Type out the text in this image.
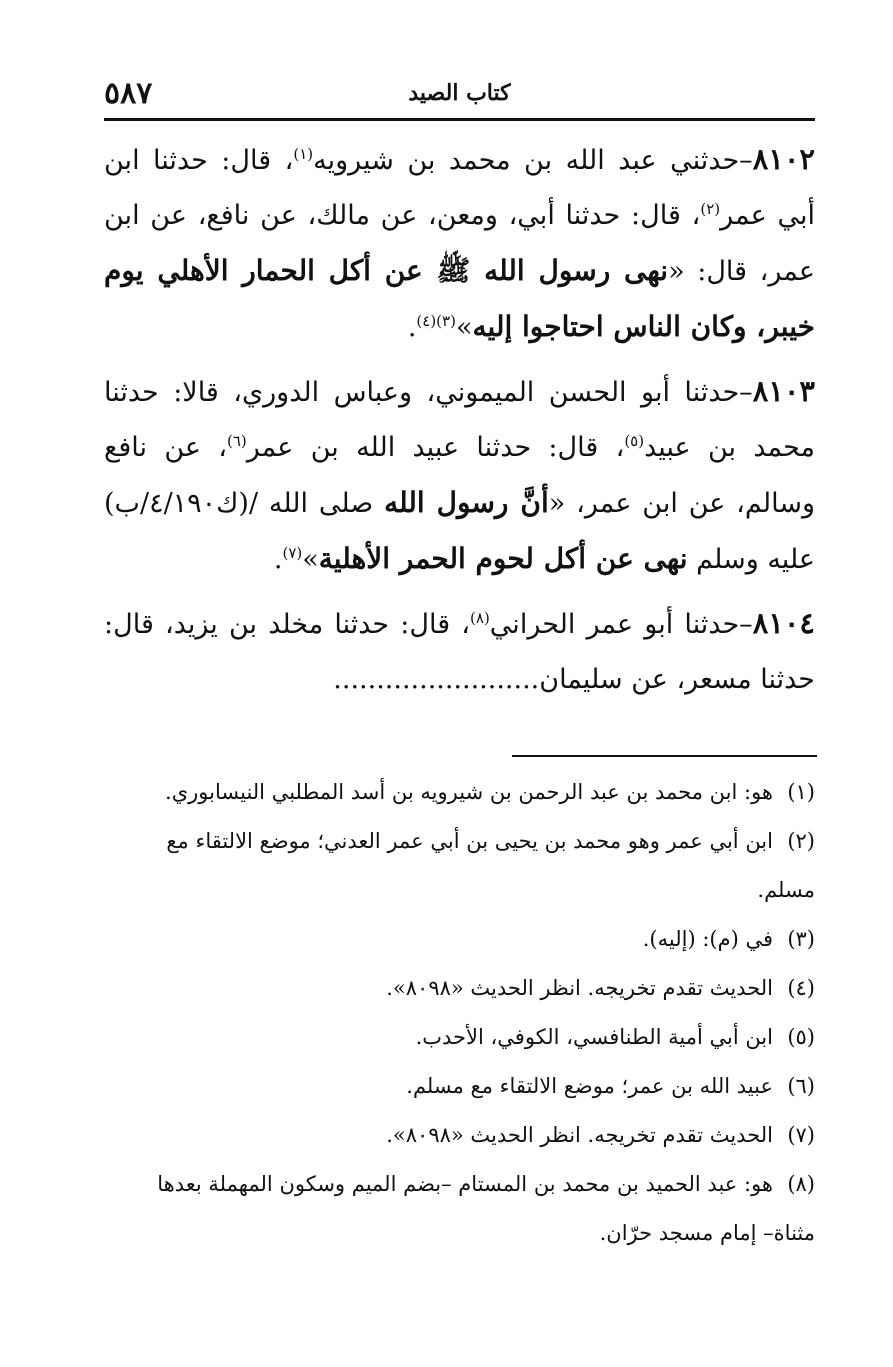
كتاب الصيد
٥٨٧

٨١٠٢–حدثني عبد الله بن محمد بن شيرويه$^{(١)}$، قال: حدثنا ابن أبي عمر$^{(٢)}$، قال: حدثنا أبي، ومعن، عن مالك، عن نافع، عن ابن عمر، قال: «نهى رسول الله ﷺ عن أكل الحمار الأهلي يوم خيبر، وكان الناس احتاجوا إليه»$^{(٣)(٤)}$.

٨١٠٣–حدثنا أبو الحسن الميموني، وعباس الدوري، قالا: حدثنا محمد بن عبيد$^{(٥)}$، قال: حدثنا عبيد الله بن عمر$^{(٦)}$، عن نافع وسالم، عن ابن عمر، «أنَّ رسول الله صلى الله /(ك٤/١٩٠/ب) عليه وسلم نهى عن أكل لحوم الحمر الأهلية»$^{(٧)}$.

٨١٠٤–حدثنا أبو عمر الحراني$^{(٨)}$، قال: حدثنا مخلد بن يزيد، قال: حدثنا مسعر، عن سليمان........................

(١)هو: ابن محمد بن عبد الرحمن بن شيرويه بن أسد المطلبي النيسابوري.

(٢)ابن أبي عمر وهو محمد بن يحيى بن أبي عمر العدني؛ موضع الالتقاء مع مسلم.

(٣)في (م): (إليه).

(٤)الحديث تقدم تخريجه. انظر الحديث «٨٠٩٨».

(٥)ابن أبي أمية الطنافسي، الكوفي، الأحدب.

(٦)عبيد الله بن عمر؛ موضع الالتقاء مع مسلم.

(٧)الحديث تقدم تخريجه. انظر الحديث «٨٠٩٨».

(٨)هو: عبد الحميد بن محمد بن المستام –بضم الميم وسكون المهملة بعدها مثناة– إمام مسجد حرّان.
